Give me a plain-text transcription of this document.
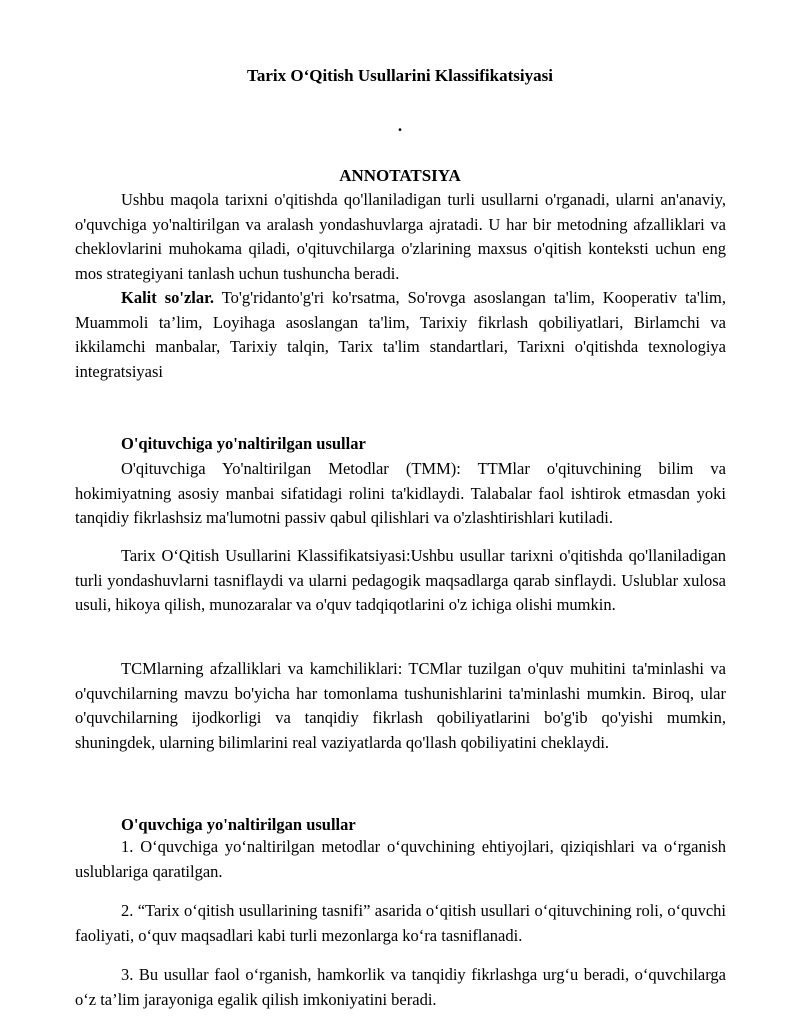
Tarix O‘Qitish Usullarini Klassifikatsiyasi

.

ANNOTATSIYA

Ushbu maqola tarixni o'qitishda qo'llaniladigan turli usullarni o'rganadi, ularni an'anaviy, o'quvchiga yo'naltirilgan va aralash yondashuvlarga ajratadi. U har bir metodning afzalliklari va cheklovlarini muhokama qiladi, o'qituvchilarga o'zlarining maxsus o'qitish konteksti uchun eng mos strategiyani tanlash uchun tushuncha beradi.

Kalit so'zlar. To'g'ridanto'g'ri ko'rsatma, So'rovga asoslangan ta'lim, Kooperativ ta'lim, Muammoli ta’lim, Loyihaga asoslangan ta'lim, Tarixiy fikrlash qobiliyatlari, Birlamchi va ikkilamchi manbalar, Tarixiy talqin, Tarix ta'lim standartlari, Tarixni o'qitishda texnologiya integratsiyasi

O'qituvchiga yo'naltirilgan usullar

O'qituvchiga Yo'naltirilgan Metodlar (TMM): TTMlar o'qituvchining bilim va hokimiyatning asosiy manbai sifatidagi rolini ta'kidlaydi. Talabalar faol ishtirok etmasdan yoki tanqidiy fikrlashsiz ma'lumotni passiv qabul qilishlari va o'zlashtirishlari kutiladi.

Tarix O‘Qitish Usullarini Klassifikatsiyasi:Ushbu usullar tarixni o'qitishda qo'llaniladigan turli yondashuvlarni tasniflaydi va ularni pedagogik maqsadlarga qarab sinflaydi. Uslublar xulosa usuli, hikoya qilish, munozaralar va o'quv tadqiqotlarini o'z ichiga olishi mumkin.

TCMlarning afzalliklari va kamchiliklari: TCMlar tuzilgan o'quv muhitini ta'minlashi va o'quvchilarning mavzu bo'yicha har tomonlama tushunishlarini ta'minlashi mumkin. Biroq, ular o'quvchilarning ijodkorligi va tanqidiy fikrlash qobiliyatlarini bo'g'ib qo'yishi mumkin, shuningdek, ularning bilimlarini real vaziyatlarda qo'llash qobiliyatini cheklaydi.

O'quvchiga yo'naltirilgan usullar

1. O‘quvchiga yo‘naltirilgan metodlar o‘quvchining ehtiyojlari, qiziqishlari va o‘rganish uslublariga qaratilgan.

2. “Tarix o‘qitish usullarining tasnifi” asarida o‘qitish usullari o‘qituvchining roli, o‘quvchi faoliyati, o‘quv maqsadlari kabi turli mezonlarga ko‘ra tasniflanadi.

3. Bu usullar faol o‘rganish, hamkorlik va tanqidiy fikrlashga urg‘u beradi, o‘quvchilarga o‘z ta’lim jarayoniga egalik qilish imkoniyatini beradi.
